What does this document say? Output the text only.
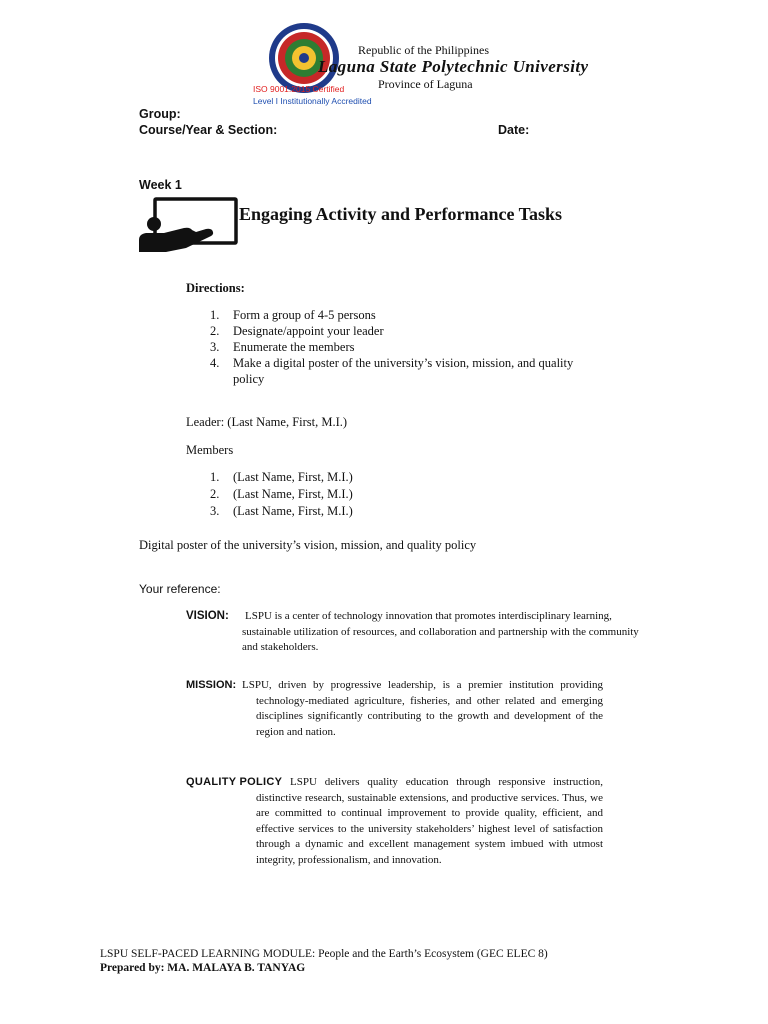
Republic of the Philippines
Laguna State Polytechnic University
Province of Laguna
ISO 9001:2015 Certified
Level I Institutionally Accredited
Group:
Course/Year & Section:	Date:
Week 1
Engaging Activity and Performance Tasks
Directions:
1.	Form a group of 4-5 persons
2.	Designate/appoint your leader
3.	Enumerate the members
4.	Make a digital poster of the university’s vision, mission, and quality
policy
Leader: (Last Name, First, M.I.)
Members
1.	(Last Name, First, M.I.)
2.	(Last Name, First, M.I.)
3.	(Last Name, First, M.I.)
Digital poster of the university’s vision, mission, and quality policy
Your reference:
VISION: LSPU is a center of technology innovation that promotes interdisciplinary learning, sustainable utilization of resources, and collaboration and partnership with the community and stakeholders.
MISSION: LSPU, driven by progressive leadership, is a premier institution providing technology-mediated agriculture, fisheries, and other related and emerging disciplines significantly contributing to the growth and development of the region and nation.
QUALITY POLICY LSPU delivers quality education through responsive instruction, distinctive research, sustainable extensions, and productive services. Thus, we are committed to continual improvement to provide quality, efficient, and effective services to the university stakeholders’ highest level of satisfaction through a dynamic and excellent management system imbued with utmost integrity, professionalism, and innovation.
LSPU SELF-PACED LEARNING MODULE: People and the Earth’s Ecosystem (GEC ELEC 8)
Prepared by: MA. MALAYA B. TANYAG
